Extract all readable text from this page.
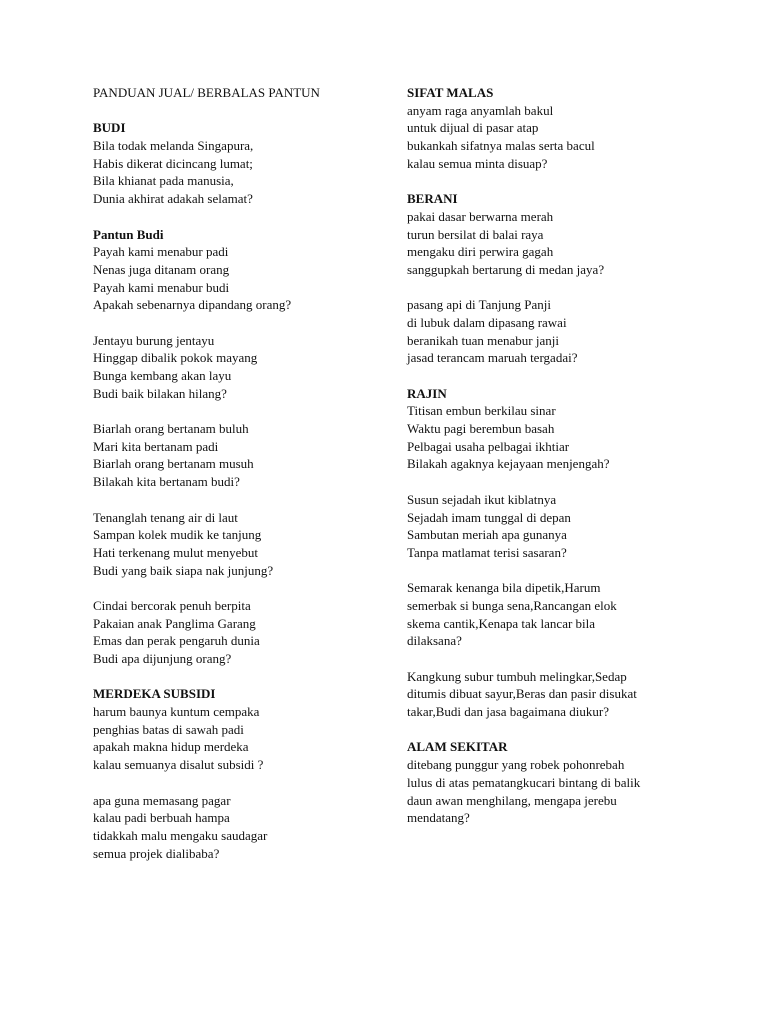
PANDUAN JUAL/ BERBALAS PANTUN
BUDI
Bila todak melanda Singapura,
Habis dikerat dicincang lumat;
Bila khianat pada manusia,
Dunia akhirat adakah selamat?
Pantun Budi
Payah kami menabur padi
Nenas juga ditanam orang
Payah kami menabur budi
Apakah sebenarnya dipandang orang?
Jentayu burung jentayu
Hinggap dibalik pokok mayang
Bunga kembang akan layu
Budi baik bilakan hilang?
Biarlah orang bertanam buluh
Mari kita bertanam padi
Biarlah orang bertanam musuh
Bilakah kita bertanam budi?
Tenanglah tenang air di laut
Sampan kolek mudik ke tanjung
Hati terkenang mulut menyebut
Budi yang baik siapa nak junjung?
Cindai bercorak penuh berpita
Pakaian anak Panglima Garang
Emas dan perak pengaruh dunia
Budi apa dijunjung orang?
MERDEKA SUBSIDI
harum baunya kuntum cempaka
penghias batas di sawah padi
apakah makna hidup merdeka
kalau semuanya disalut subsidi ?
apa guna memasang pagar
kalau padi berbuah hampa
tidakkah malu mengaku saudagar
semua projek dialibaba?
SIFAT MALAS
anyam raga anyamlah bakul
untuk dijual di pasar atap
bukankah sifatnya malas serta bacul
kalau semua minta disuap?
BERANI
pakai dasar berwarna merah
turun bersilat di balai raya
mengaku diri perwira gagah
sanggupkah bertarung di medan jaya?
pasang api di Tanjung Panji
di lubuk dalam dipasang rawai
beranikah tuan menabur janji
jasad terancam maruah tergadai?
RAJIN
Titisan embun berkilau sinar
Waktu pagi berembun basah
Pelbagai usaha pelbagai ikhtiar
Bilakah agaknya kejayaan menjengah?
Susun sejadah ikut kiblatnya
Sejadah imam tunggal di depan
Sambutan meriah apa gunanya
Tanpa matlamat terisi sasaran?
Semarak kenanga bila dipetik,Harum
semerbak si bunga sena,Rancangan elok
skema cantik,Kenapa tak lancar bila
dilaksana?
Kangkung subur tumbuh melingkar,Sedap
ditumis dibuat sayur,Beras dan pasir disukat
takar,Budi dan jasa bagaimana diukur?
ALAM SEKITAR
ditebang punggur yang robek pohonrebah
lulus di atas pematangkucari bintang di balik
daun awan menghilang, mengapa jerebu
mendatang?
